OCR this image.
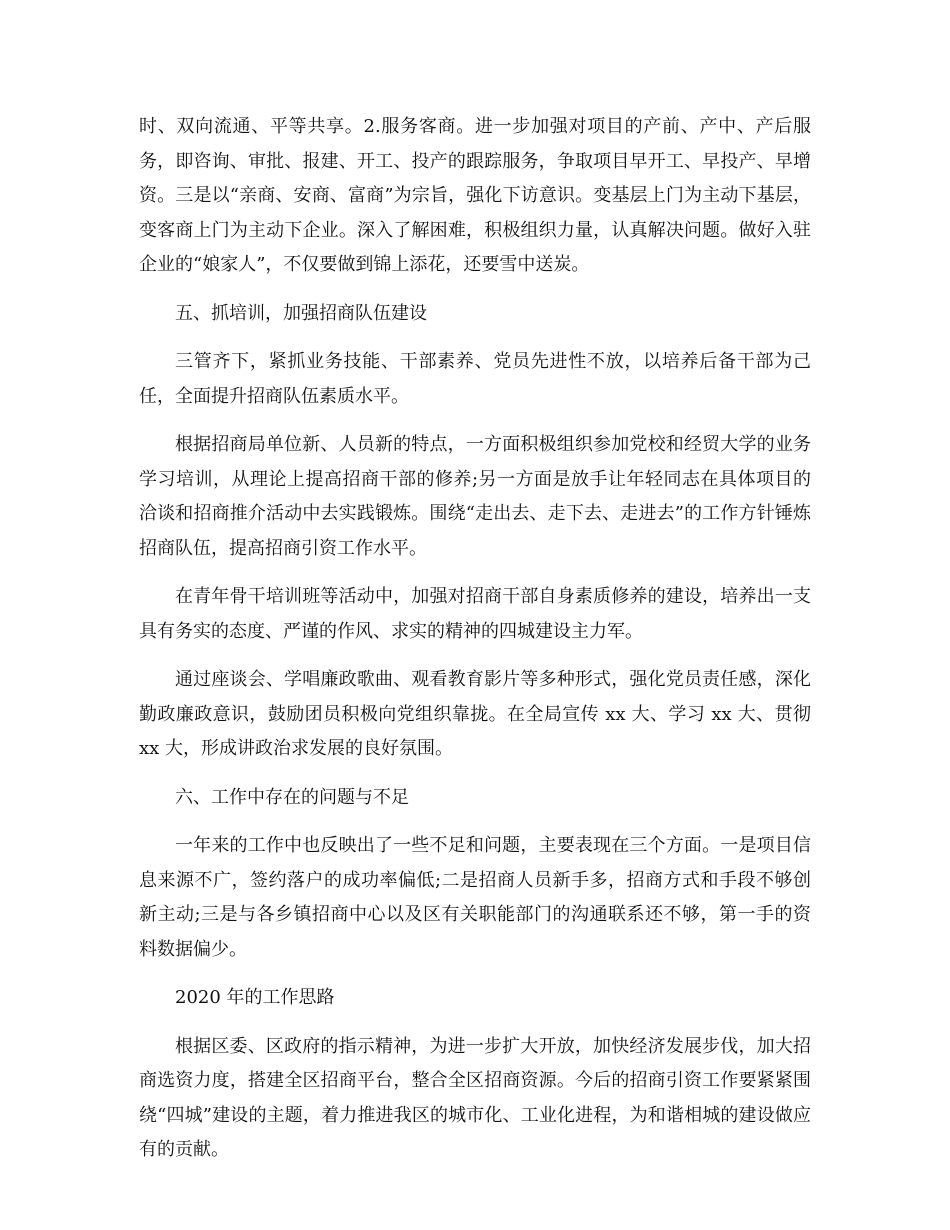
时、双向流通、平等共享。2.服务客商。进一步加强对项目的产前、产中、产后服务，即咨询、审批、报建、开工、投产的跟踪服务，争取项目早开工、早投产、早增资。三是以“亲商、安商、富商”为宗旨，强化下访意识。变基层上门为主动下基层，变客商上门为主动下企业。深入了解困难，积极组织力量，认真解决问题。做好入驻企业的“娘家人”，不仅要做到锦上添花，还要雪中送炭。

五、抓培训，加强招商队伍建设

三管齐下，紧抓业务技能、干部素养、党员先进性不放，以培养后备干部为己任，全面提升招商队伍素质水平。

根据招商局单位新、人员新的特点，一方面积极组织参加党校和经贸大学的业务学习培训，从理论上提高招商干部的修养;另一方面是放手让年轻同志在具体项目的洽谈和招商推介活动中去实践锻炼。围绕“走出去、走下去、走进去”的工作方针锤炼招商队伍，提高招商引资工作水平。

在青年骨干培训班等活动中，加强对招商干部自身素质修养的建设，培养出一支具有务实的态度、严谨的作风、求实的精神的四城建设主力军。

通过座谈会、学唱廉政歌曲、观看教育影片等多种形式，强化党员责任感，深化勤政廉政意识，鼓励团员积极向党组织靠拢。在全局宣传 xx 大、学习 xx 大、贯彻 xx 大，形成讲政治求发展的良好氛围。

六、工作中存在的问题与不足

一年来的工作中也反映出了一些不足和问题，主要表现在三个方面。一是项目信息来源不广，签约落户的成功率偏低;二是招商人员新手多，招商方式和手段不够创新主动;三是与各乡镇招商中心以及区有关职能部门的沟通联系还不够，第一手的资料数据偏少。

2020 年的工作思路

根据区委、区政府的指示精神，为进一步扩大开放，加快经济发展步伐，加大招商选资力度，搭建全区招商平台，整合全区招商资源。今后的招商引资工作要紧紧围绕“四城”建设的主题，着力推进我区的城市化、工业化进程，为和谐相城的建设做应有的贡献。
